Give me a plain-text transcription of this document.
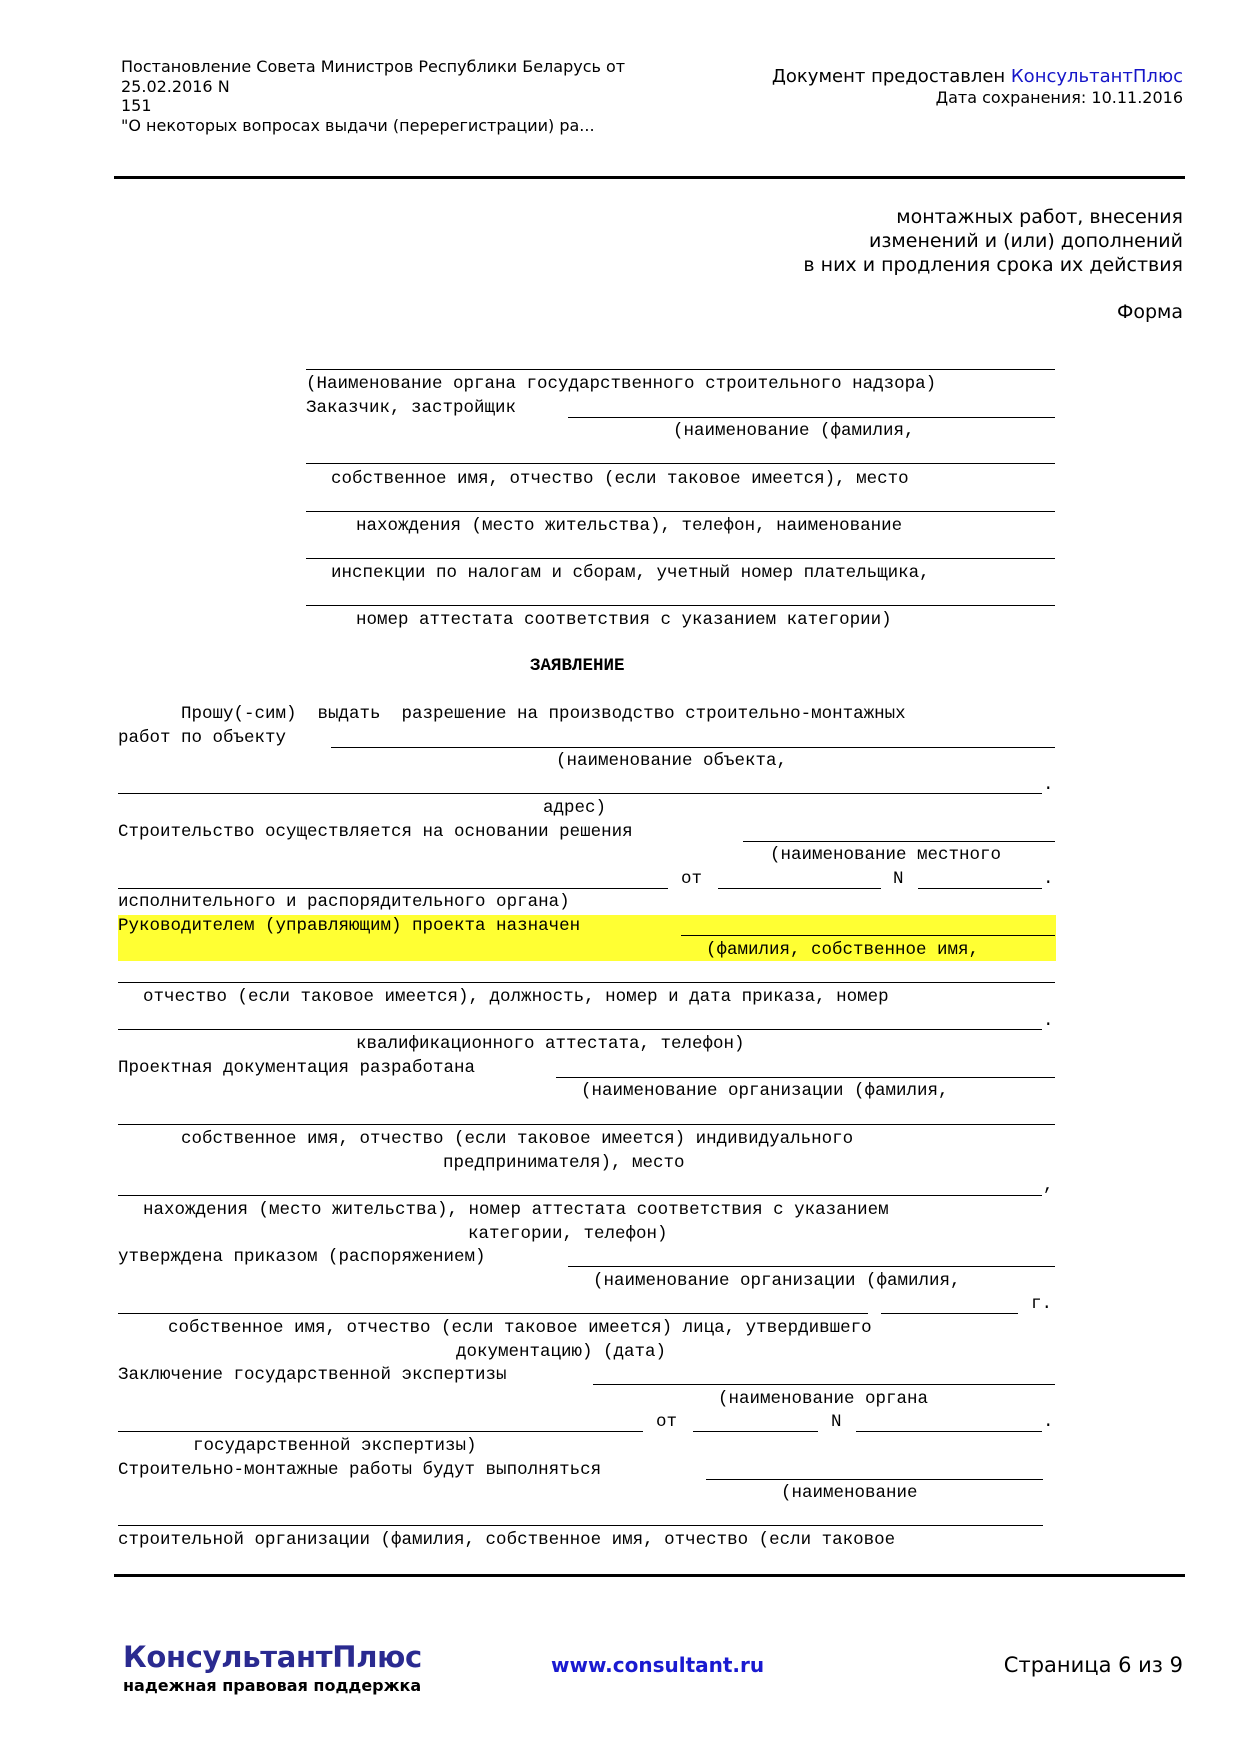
Постановление Совета Министров Республики Беларусь от 25.02.2016 N
151
"О некоторых вопросах выдачи (перерегистрации) ра...
Документ предоставлен КонсультантПлюс
Дата сохранения: 10.11.2016
монтажных работ, внесения
изменений и (или) дополнений
в них и продления срока их действия
Форма
(Наименование органа государственного строительного надзора)
Заказчик, застройщик
(наименование (фамилия,
собственное имя, отчество (если таковое имеется), место
нахождения (место жительства), телефон, наименование
инспекции по налогам и сборам, учетный номер плательщика,
номер аттестата соответствия с указанием категории)
ЗАЯВЛЕНИЕ
Прошу(-сим)  выдать  разрешение на производство строительно-монтажных
работ по объекту
(наименование объекта,
.
адрес)
Строительство осуществляется на основании решения
(наименование местного
от	N	.
исполнительного и распорядительного органа)
Руководителем (управляющим) проекта назначен
(фамилия, собственное имя,
отчество (если таковое имеется), должность, номер и дата приказа, номер
.
квалификационного аттестата, телефон)
Проектная документация разработана
(наименование организации (фамилия,
собственное имя, отчество (если таковое имеется) индивидуального
предпринимателя), место
,
нахождения (место жительства), номер аттестата соответствия с указанием
категории, телефон)
утверждена приказом (распоряжением)
(наименование организации (фамилия,
г.
собственное имя, отчество (если таковое имеется) лица, утвердившего
документацию) (дата)
Заключение государственной экспертизы
(наименование органа
от	N	.
государственной экспертизы)
Строительно-монтажные работы будут выполняться
(наименование
строительной организации (фамилия, собственное имя, отчество (если таковое
КонсультантПлюс
надежная правовая поддержка
www.consultant.ru	Страница 6 из 9
